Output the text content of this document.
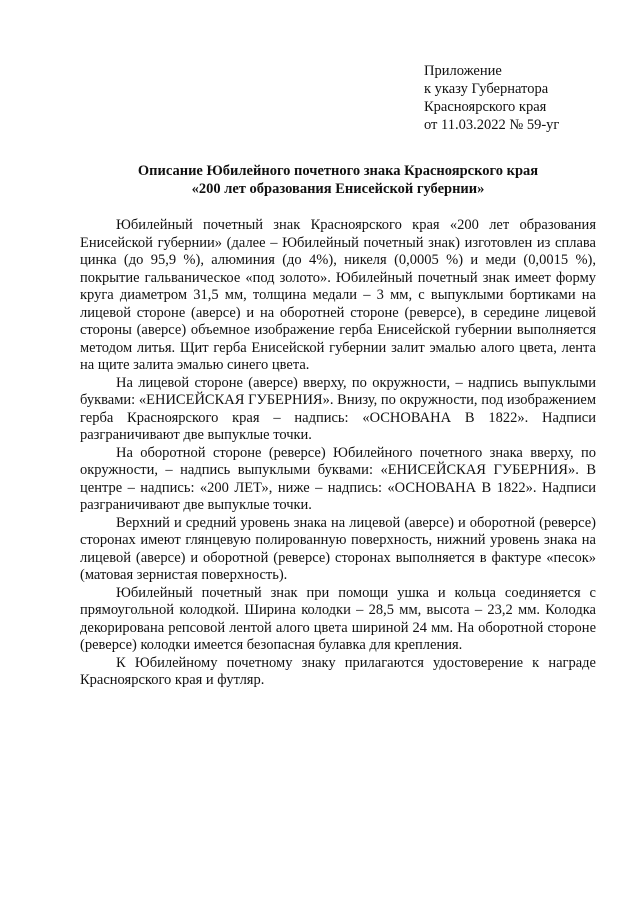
Приложение
к указу Губернатора
Красноярского края
от 11.03.2022 № 59-уг
Описание Юбилейного почетного знака Красноярского края
«200 лет образования Енисейской губернии»

Юбилейный почетный знак Красноярского края «200 лет образования Енисейской губернии» (далее – Юбилейный почетный знак) изготовлен из сплава цинка (до 95,9 %), алюминия (до 4%), никеля (0,0005 %) и меди (0,0015 %), покрытие гальваническое «под золото». Юбилейный почетный знак имеет форму круга диаметром 31,5 мм, толщина медали – 3 мм, с выпуклыми бортиками на лицевой стороне (аверсе) и на оборотней стороне (реверсе), в середине лицевой стороны (аверсе) объемное изображение герба Енисейской губернии выполняется методом литья. Щит герба Енисейской губернии залит эмалью алого цвета, лента на щите залита эмалью синего цвета.

На лицевой стороне (аверсе) вверху, по окружности, – надпись выпуклыми буквами: «ЕНИСЕЙСКАЯ ГУБЕРНИЯ». Внизу, по окружности, под изображением герба Красноярского края – надпись: «ОСНОВАНА В 1822». Надписи разграничивают две выпуклые точки.

На оборотной стороне (реверсе) Юбилейного почетного знака вверху, по окружности, – надпись выпуклыми буквами: «ЕНИСЕЙСКАЯ ГУБЕРНИЯ». В центре – надпись: «200 ЛЕТ», ниже – надпись: «ОСНОВАНА В 1822». Надписи разграничивают две выпуклые точки.

Верхний и средний уровень знака на лицевой (аверсе) и оборотной (реверсе) сторонах имеют глянцевую полированную поверхность, нижний уровень знака на лицевой (аверсе) и оборотной (реверсе) сторонах выполняется в фактуре «песок» (матовая зернистая поверхность).

Юбилейный почетный знак при помощи ушка и кольца соединяется с прямоугольной колодкой. Ширина колодки – 28,5 мм, высота – 23,2 мм. Колодка декорирована репсовой лентой алого цвета шириной 24 мм. На оборотной стороне (реверсе) колодки имеется безопасная булавка для крепления.

К Юбилейному почетному знаку прилагаются удостоверение к награде Красноярского края и футляр.
